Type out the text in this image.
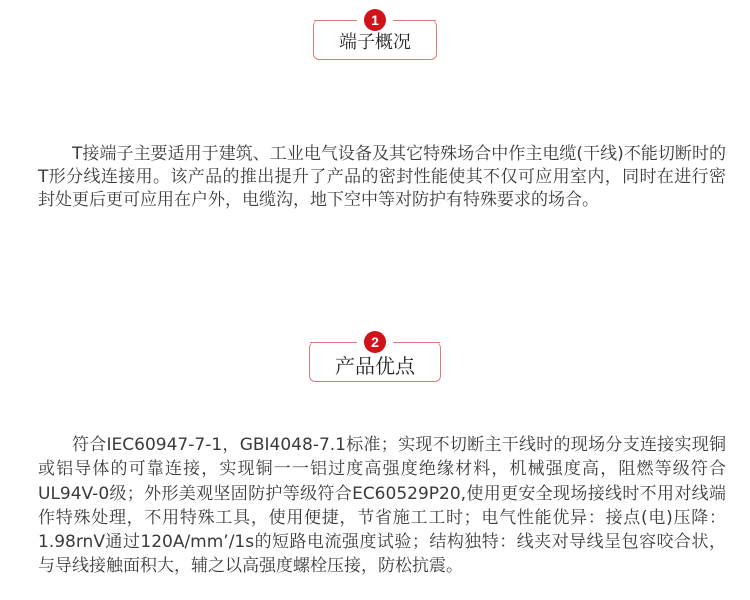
1
端子概况

T接端子主要适用于建筑、工业电气设备及其它特殊场合中作主电缆(干线)不能切断时的T形分线连接用。该产品的推出提升了产品的密封性能使其不仅可应用室内，同时在进行密封处更后更可应用在户外，电缆沟，地下空中等对防护有特殊要求的场合。

2
产品优点

符合IEC60947-7-1，GBI4048-7.1标准；实现不切断主干线时的现场分支连接实现铜或铝导体的可靠连接，实现铜一一铝过度高强度绝缘材料，机械强度高，阻燃等级符合UL94V-0级；外形美观坚固防护等级符合EC60529P20,使用更安全现场接线时不用对线端作特殊处理，不用特殊工具，使用便捷，节省施工工时；电气性能优异：接点(电)压降：1.98rnV通过120A/mm’/1s的短路电流强度试验；结构独特：线夹对导线呈包容咬合状，与导线接触面积大，辅之以高强度螺栓压接，防松抗震。
